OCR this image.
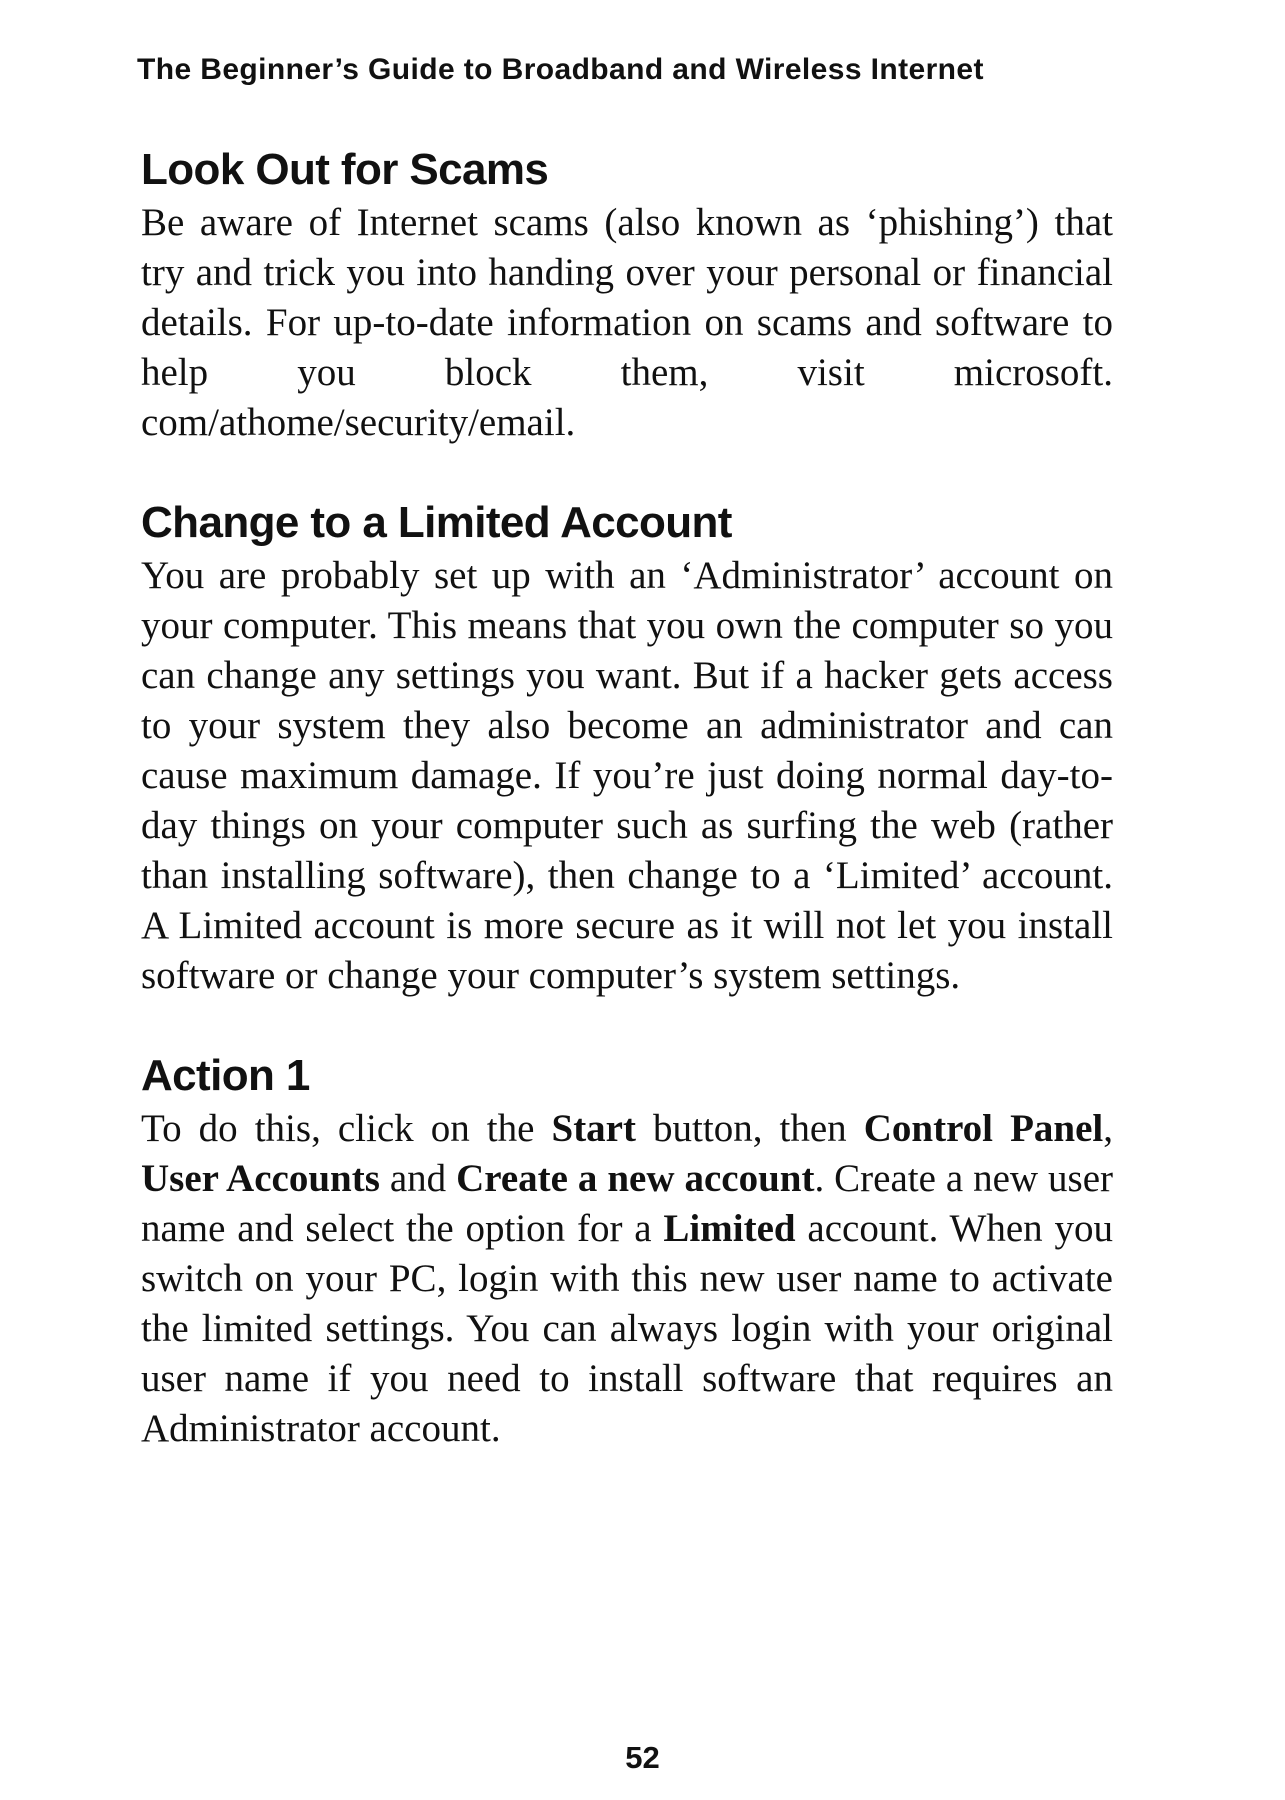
The Beginner’s Guide to Broadband and Wireless Internet

Look Out for Scams

Be aware of Internet scams (also known as ‘phishing’) that try and trick you into handing over your personal or financial details. For up-to-date information on scams and software to help you block them, visit microsoft. com/athome/security/email.

Change to a Limited Account

You are probably set up with an ‘Administrator’ account on your computer. This means that you own the computer so you can change any settings you want. But if a hacker gets access to your system they also become an administrator and can cause maximum damage. If you’re just doing normal day-to-day things on your computer such as surfing the web (rather than installing software), then change to a ‘Limited’ account. A Limited account is more secure as it will not let you install software or change your computer’s system settings.

Action 1

To do this, click on the Start button, then Control Panel, User Accounts and Create a new account. Create a new user name and select the option for a Limited account. When you switch on your PC, login with this new user name to activate the limited settings. You can always login with your original user name if you need to install software that requires an Administrator account.

52
